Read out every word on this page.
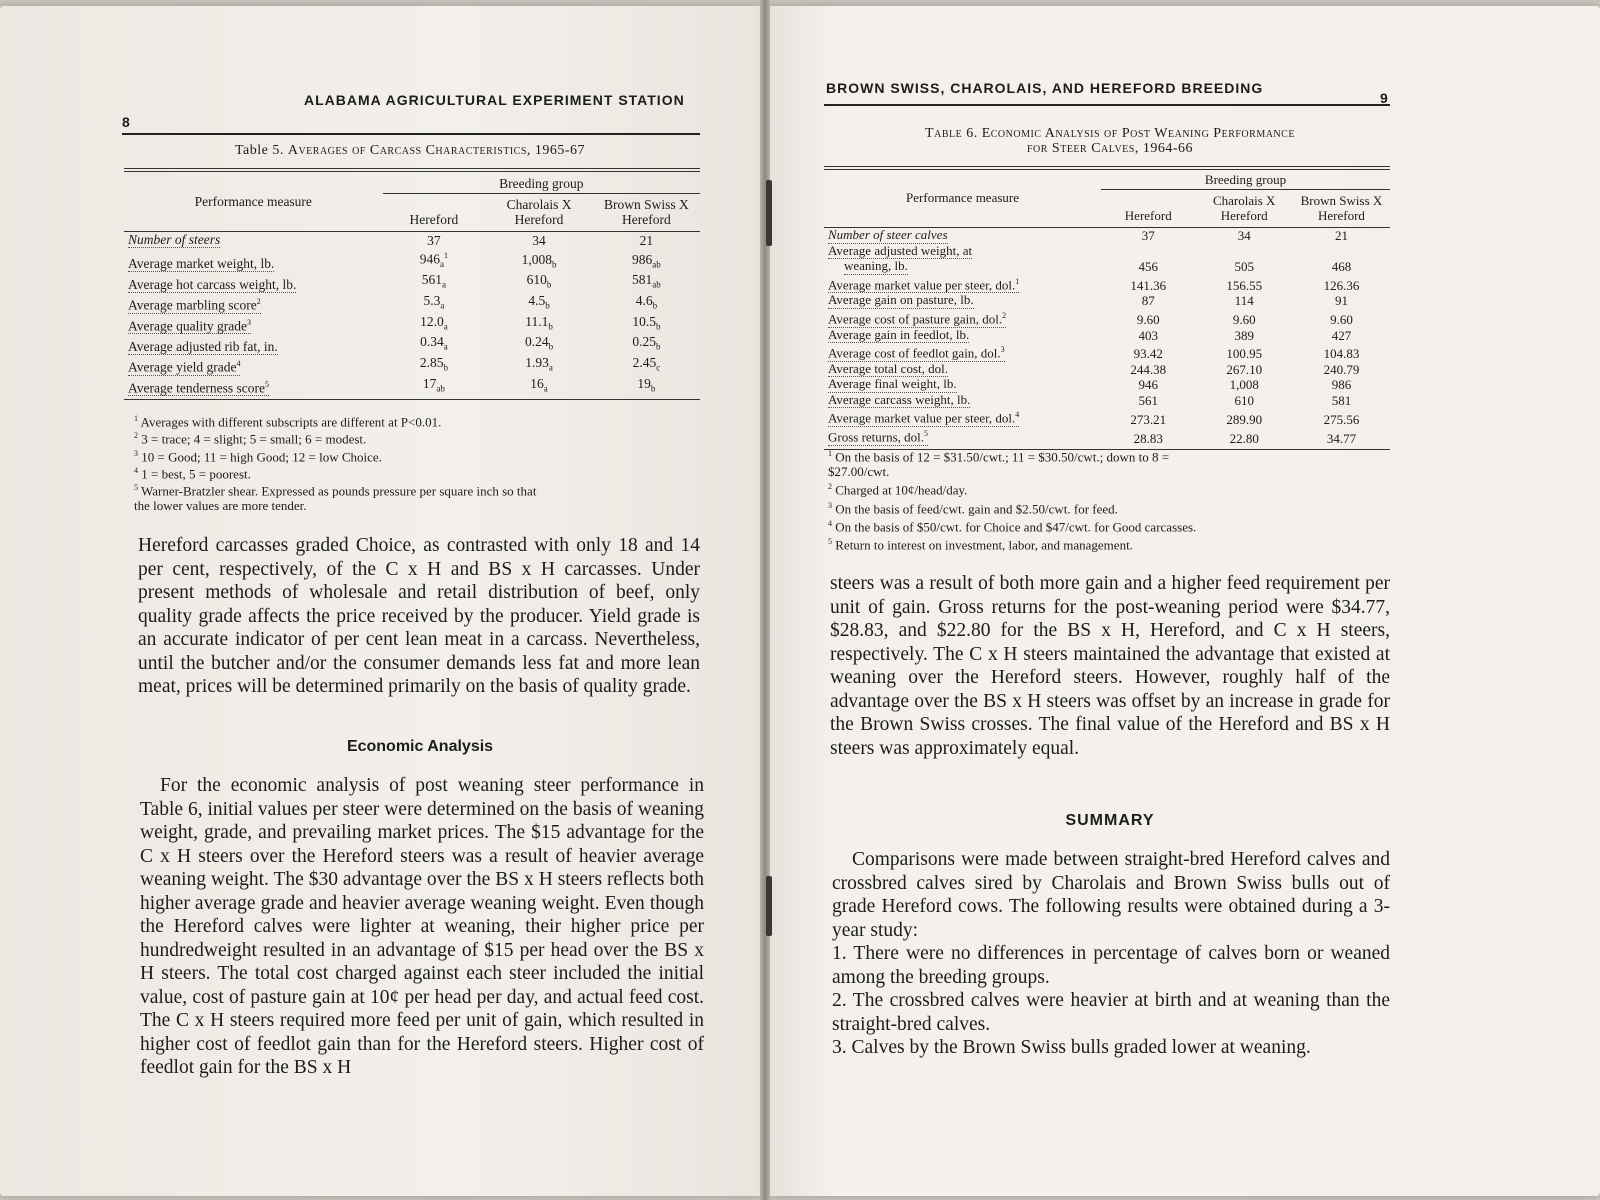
8
ALABAMA AGRICULTURAL EXPERIMENT STATION
Table 5. Averages of Carcass Characteristics, 1965-67
Performance measure	Breeding group		
	Hereford	Charolais X Hereford	Brown Swiss X Hereford

Number of steers	37	34	21
Average market weight, lb.	$946_a^1$	$1,008_b$	$986_{ab}$
Average hot carcass weight, lb.	$561_a$	$610_b$	$581_{ab}$
Average marbling score$^2$	$5.3_a$	$4.5_b$	$4.6_b$
Average quality grade$^3$	$12.0_a$	$11.1_b$	$10.5_b$
Average adjusted rib fat, in.	$0.34_a$	$0.24_b$	$0.25_b$
Average yield grade$^4$	$2.85_b$	$1.93_a$	$2.45_c$
Average tenderness score$^5$	$17_{ab}$	$16_a$	$19_b$

$^1$ Averages with different subscripts are different at P<0.01.
$^2$ 3 = trace; 4 = slight; 5 = small; 6 = modest.
$^3$ 10 = Good; 11 = high Good; 12 = low Choice.
$^4$ 1 = best, 5 = poorest.
$^5$ Warner-Bratzler shear. Expressed as pounds pressure per square inch so that
the lower values are more tender.

Hereford carcasses graded Choice, as contrasted with only 18 and 14 per cent, respectively, of the C x H and BS x H carcasses. Under present methods of wholesale and retail distribution of beef, only quality grade affects the price received by the producer. Yield grade is an accurate indicator of per cent lean meat in a carcass. Nevertheless, until the butcher and/or the consumer demands less fat and more lean meat, prices will be determined primarily on the basis of quality grade.

Economic Analysis

For the economic analysis of post weaning steer performance in Table 6, initial values per steer were determined on the basis of weaning weight, grade, and prevailing market prices. The $15 advantage for the C x H steers over the Hereford steers was a result of heavier average weaning weight. The $30 advantage over the BS x H steers reflects both higher average grade and heavier average weaning weight. Even though the Hereford calves were lighter at weaning, their higher price per hundredweight resulted in an advantage of $15 per head over the BS x H steers. The total cost charged against each steer included the initial value, cost of pasture gain at 10¢ per head per day, and actual feed cost. The C x H steers required more feed per unit of gain, which resulted in higher cost of feedlot gain than for the Hereford steers. Higher cost of feedlot gain for the BS x H

BROWN SWISS, CHAROLAIS, AND HEREFORD BREEDING
9
Table 6. Economic Analysis of Post Weaning Performance
for Steer Calves, 1964-66
Performance measure	Breeding group		
	Hereford	Charolais X Hereford	Brown Swiss X Hereford

Number of steer calves	37	34	21
Average adjusted weight, at			
weaning, lb.	456	505	468
Average market value per steer, dol.$^1$	141.36	156.55	126.36
Average gain on pasture, lb.	87	114	91
Average cost of pasture gain, dol.$^2$	9.60	9.60	9.60
Average gain in feedlot, lb.	403	389	427
Average cost of feedlot gain, dol.$^3$	93.42	100.95	104.83
Average total cost, dol.	244.38	267.10	240.79
Average final weight, lb.	946	1,008	986
Average carcass weight, lb.	561	610	581
Average market value per steer, dol.$^4$	273.21	289.90	275.56
Gross returns, dol.$^5$	28.83	22.80	34.77

$^1$ On the basis of 12 = $31.50/cwt.; 11 = $30.50/cwt.; down to 8 =
$27.00/cwt.
$^2$ Charged at 10¢/head/day.
$^3$ On the basis of feed/cwt. gain and $2.50/cwt. for feed.
$^4$ On the basis of $50/cwt. for Choice and $47/cwt. for Good carcasses.
$^5$ Return to interest on investment, labor, and management.

steers was a result of both more gain and a higher feed requirement per unit of gain. Gross returns for the post-weaning period were $34.77, $28.83, and $22.80 for the BS x H, Hereford, and C x H steers, respectively. The C x H steers maintained the advantage that existed at weaning over the Hereford steers. However, roughly half of the advantage over the BS x H steers was offset by an increase in grade for the Brown Swiss crosses. The final value of the Hereford and BS x H steers was approximately equal.

SUMMARY

Comparisons were made between straight-bred Hereford calves and crossbred calves sired by Charolais and Brown Swiss bulls out of grade Hereford cows. The following results were obtained during a 3-year study:

1. There were no differences in percentage of calves born or weaned among the breeding groups.

2. The crossbred calves were heavier at birth and at weaning than the straight-bred calves.

3. Calves by the Brown Swiss bulls graded lower at weaning.
